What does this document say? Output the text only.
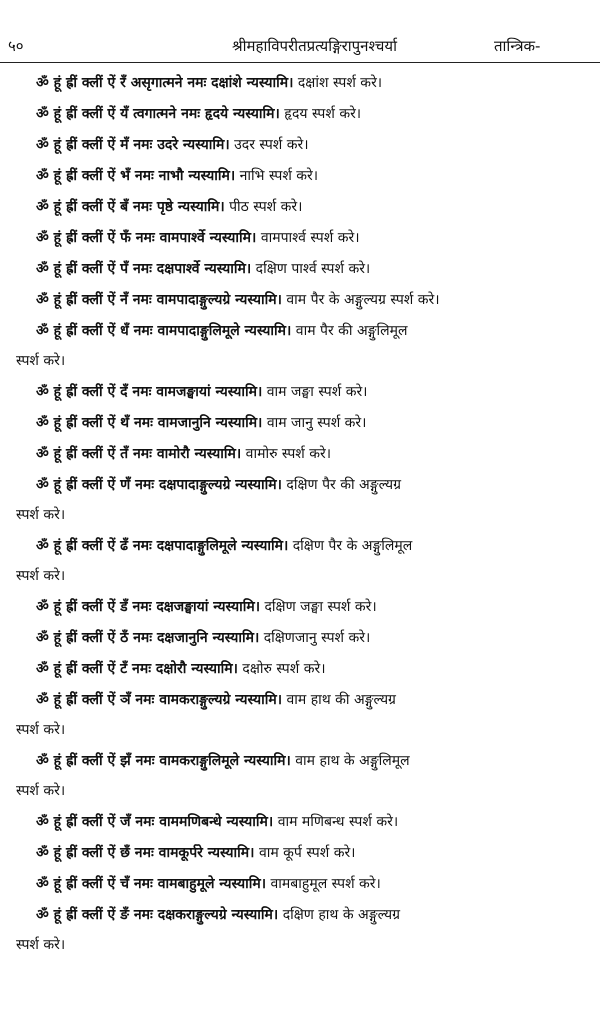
५०	श्रीमहाविपरीतप्रत्यङ्गिरापुनश्चर्या	तान्त्रिक-
ॐ हूं ह्रीं क्लीं ऐं रँ असृगात्मने नमः दक्षांशे न्यस्यामि। दक्षांश स्पर्श करे।
ॐ हूं ह्रीं क्लीं ऐं यँ त्वगात्मने नमः हृदये न्यस्यामि। हृदय स्पर्श करे।
ॐ हूं ह्रीं क्लीं ऐं मँ नमः उदरे न्यस्यामि। उदर स्पर्श करे।
ॐ हूं ह्रीं क्लीं ऐं भँ नमः नाभौ न्यस्यामि। नाभि स्पर्श करे।
ॐ हूं ह्रीं क्लीं ऐं बँ नमः पृष्ठे न्यस्यामि। पीठ स्पर्श करे।
ॐ हूं ह्रीं क्लीं ऐं फँ नमः वामपार्श्वे न्यस्यामि। वामपार्श्व स्पर्श करे।
ॐ हूं ह्रीं क्लीं ऐं पँ नमः दक्षपार्श्वे न्यस्यामि। दक्षिण पार्श्व स्पर्श करे।
ॐ हूं ह्रीं क्लीं ऐं नँ नमः वामपादाङ्गुल्यग्रे न्यस्यामि। वाम पैर के अङ्गुल्यग्र स्पर्श करे।
ॐ हूं ह्रीं क्लीं ऐं धँ नमः वामपादाङ्गुलिमूले न्यस्यामि। वाम पैर की अङ्गुलिमूल
स्पर्श करे।
ॐ हूं ह्रीं क्लीं ऐं दँ नमः वामजङ्घायां न्यस्यामि। वाम जङ्घा स्पर्श करे।
ॐ हूं ह्रीं क्लीं ऐं थँ नमः वामजानुनि न्यस्यामि। वाम जानु स्पर्श करे।
ॐ हूं ह्रीं क्लीं ऐं तँ नमः वामोरौ न्यस्यामि। वामोरु स्पर्श करे।
ॐ हूं ह्रीं क्लीं ऐं णँ नमः दक्षपादाङ्गुल्यग्रे न्यस्यामि। दक्षिण पैर की अङ्गुल्यग्र
स्पर्श करे।
ॐ हूं ह्रीं क्लीं ऐं ढँ नमः दक्षपादाङ्गुलिमूले न्यस्यामि। दक्षिण पैर के अङ्गुलिमूल
स्पर्श करे।
ॐ हूं ह्रीं क्लीं ऐं डँ नमः दक्षजङ्घायां न्यस्यामि। दक्षिण जङ्घा स्पर्श करे।
ॐ हूं ह्रीं क्लीं ऐं ठँ नमः दक्षजानुनि न्यस्यामि। दक्षिणजानु स्पर्श करे।
ॐ हूं ह्रीं क्लीं ऐं टँ नमः दक्षोरौ न्यस्यामि। दक्षोरु स्पर्श करे।
ॐ हूं ह्रीं क्लीं ऐं ञँ नमः वामकराङ्गुल्यग्रे न्यस्यामि। वाम हाथ की अङ्गुल्यग्र
स्पर्श करे।
ॐ हूं ह्रीं क्लीं ऐं झँ नमः वामकराङ्गुलिमूले न्यस्यामि। वाम हाथ के अङ्गुलिमूल
स्पर्श करे।
ॐ हूं ह्रीं क्लीं ऐं जँ नमः वाममणिबन्धे न्यस्यामि। वाम मणिबन्ध स्पर्श करे।
ॐ हूं ह्रीं क्लीं ऐं छँ नमः वामकूर्परे न्यस्यामि। वाम कूर्प स्पर्श करे।
ॐ हूं ह्रीं क्लीं ऐं चँ नमः वामबाहुमूले न्यस्यामि। वामबाहुमूल स्पर्श करे।
ॐ हूं ह्रीं क्लीं ऐं ङँ नमः दक्षकराङ्गुल्यग्रे न्यस्यामि। दक्षिण हाथ के अङ्गुल्यग्र
स्पर्श करे।
